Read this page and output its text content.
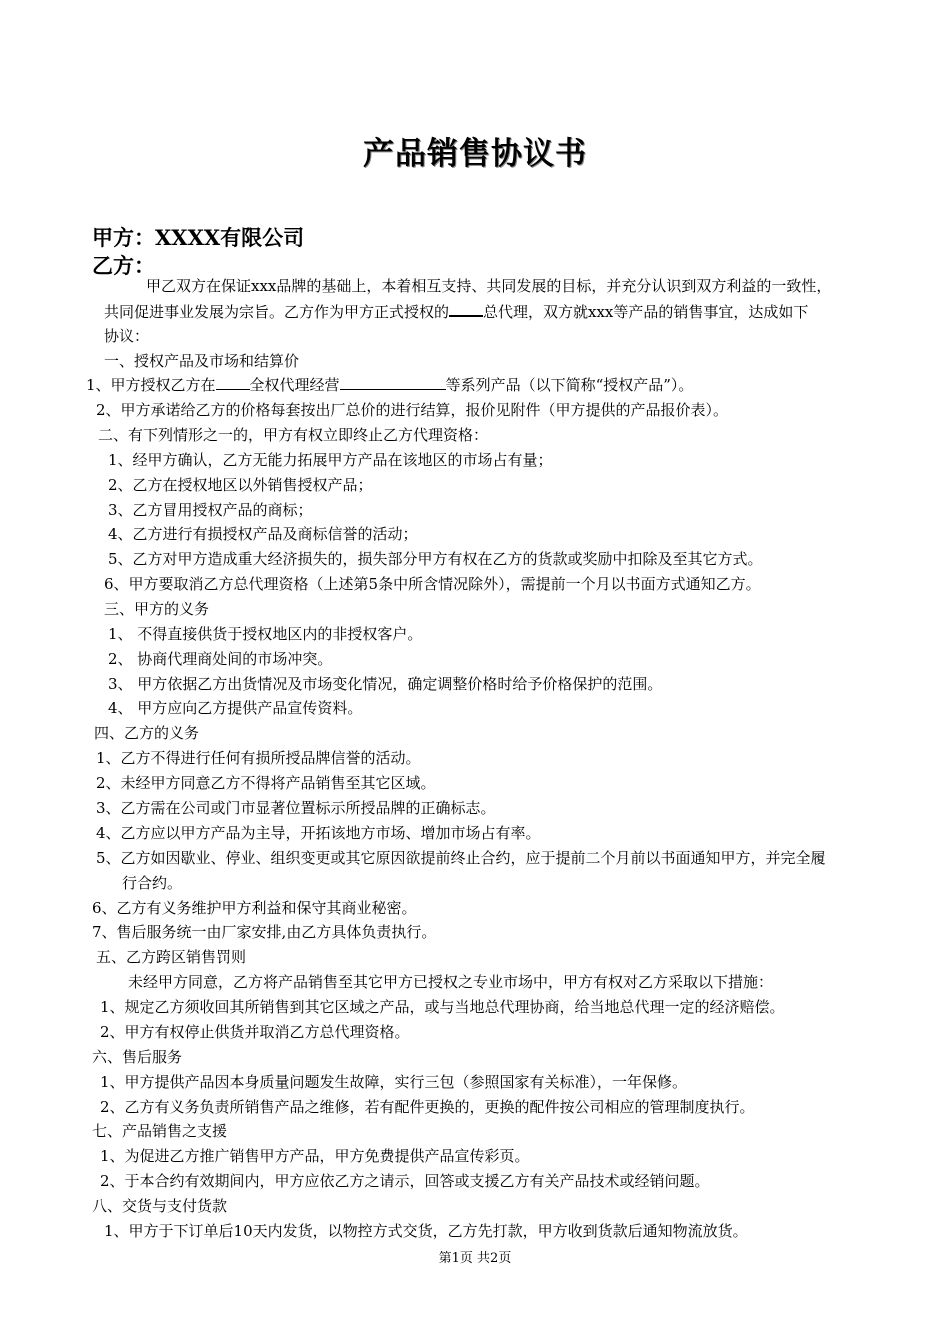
产品销售协议书
甲方：XXXX有限公司
乙方：
甲乙双方在保证xxx品牌的基础上，本着相互支持、共同发展的目标，并充分认识到双方利益的一致性，
共同促进事业发展为宗旨。乙方作为甲方正式授权的 总代理，双方就xxx等产品的销售事宜，达成如下
协议：
一、授权产品及市场和结算价
1、甲方授权乙方在 全权代理经营	等系列产品（以下简称“授权产品”）。
2、甲方承诺给乙方的价格每套按出厂总价的进行结算，报价见附件（甲方提供的产品报价表）。
二、有下列情形之一的，甲方有权立即终止乙方代理资格：
1、经甲方确认，乙方无能力拓展甲方产品在该地区的市场占有量；
2、乙方在授权地区以外销售授权产品；
3、乙方冒用授权产品的商标；
4、乙方进行有损授权产品及商标信誉的活动；
5、乙方对甲方造成重大经济损失的，损失部分甲方有权在乙方的货款或奖励中扣除及至其它方式。
6、甲方要取消乙方总代理资格（上述第5条中所含情况除外），需提前一个月以书面方式通知乙方。
三、甲方的义务
1、 不得直接供货于授权地区内的非授权客户。
2、 协商代理商处间的市场冲突。
3、 甲方依据乙方出货情况及市场变化情况，确定调整价格时给予价格保护的范围。
4、 甲方应向乙方提供产品宣传资料。
四、乙方的义务
1、乙方不得进行任何有损所授品牌信誉的活动。
2、未经甲方同意乙方不得将产品销售至其它区域。
3、乙方需在公司或门市显著位置标示所授品牌的正确标志。
4、乙方应以甲方产品为主导，开拓该地方市场、增加市场占有率。
5、乙方如因歇业、停业、组织变更或其它原因欲提前终止合约，应于提前二个月前以书面通知甲方，并完全履
行合约。
6、乙方有义务维护甲方利益和保守其商业秘密。
7、售后服务统一由厂家安排,由乙方具体负责执行。
五、乙方跨区销售罚则
未经甲方同意，乙方将产品销售至其它甲方已授权之专业市场中，甲方有权对乙方采取以下措施：
1、规定乙方须收回其所销售到其它区域之产品，或与当地总代理协商，给当地总代理一定的经济赔偿。
2、甲方有权停止供货并取消乙方总代理资格。
六、售后服务
1、甲方提供产品因本身质量问题发生故障，实行三包（参照国家有关标准），一年保修。
2、乙方有义务负责所销售产品之维修，若有配件更换的，更换的配件按公司相应的管理制度执行。
七、产品销售之支援
1、为促进乙方推广销售甲方产品，甲方免费提供产品宣传彩页。
2、于本合约有效期间内，甲方应依乙方之请示，回答或支援乙方有关产品技术或经销问题。
八、交货与支付货款
1、甲方于下订单后10天内发货，以物控方式交货，乙方先打款，甲方收到货款后通知物流放货。
第1页 共2页
